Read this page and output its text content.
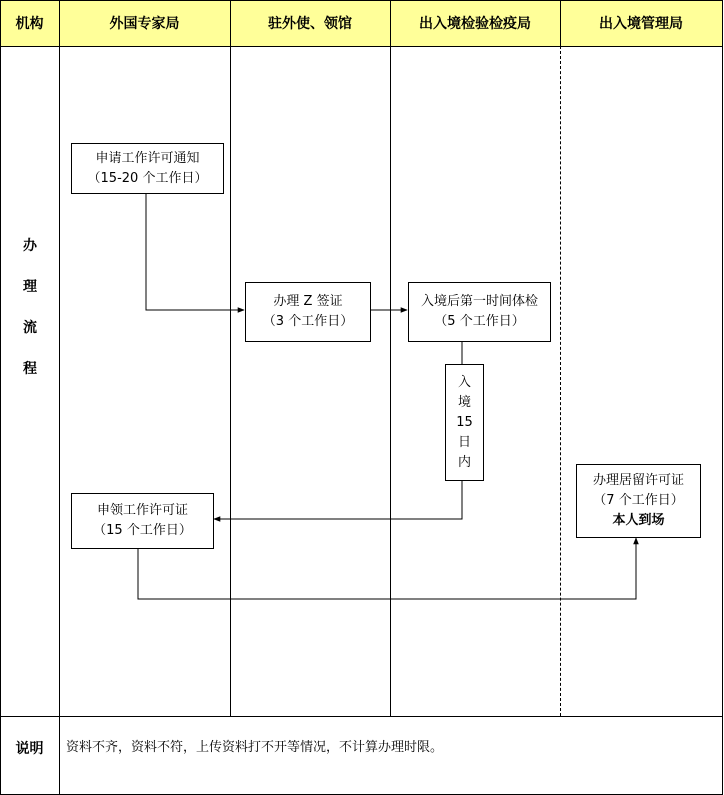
机构	外国专家局	驻外使、领馆	出入境检验检疫局	出入境管理局
办
理
流
程
申请工作许可通知
（15-20 个工作日）
办理 Z 签证
（3 个工作日）
入境后第一时间体检
（5 个工作日）
入
境
15
日
内
申领工作许可证
（15 个工作日）
办理居留许可证
（7 个工作日）
本人到场
说明	资料不齐，资料不符，上传资料打不开等情况，不计算办理时限。
